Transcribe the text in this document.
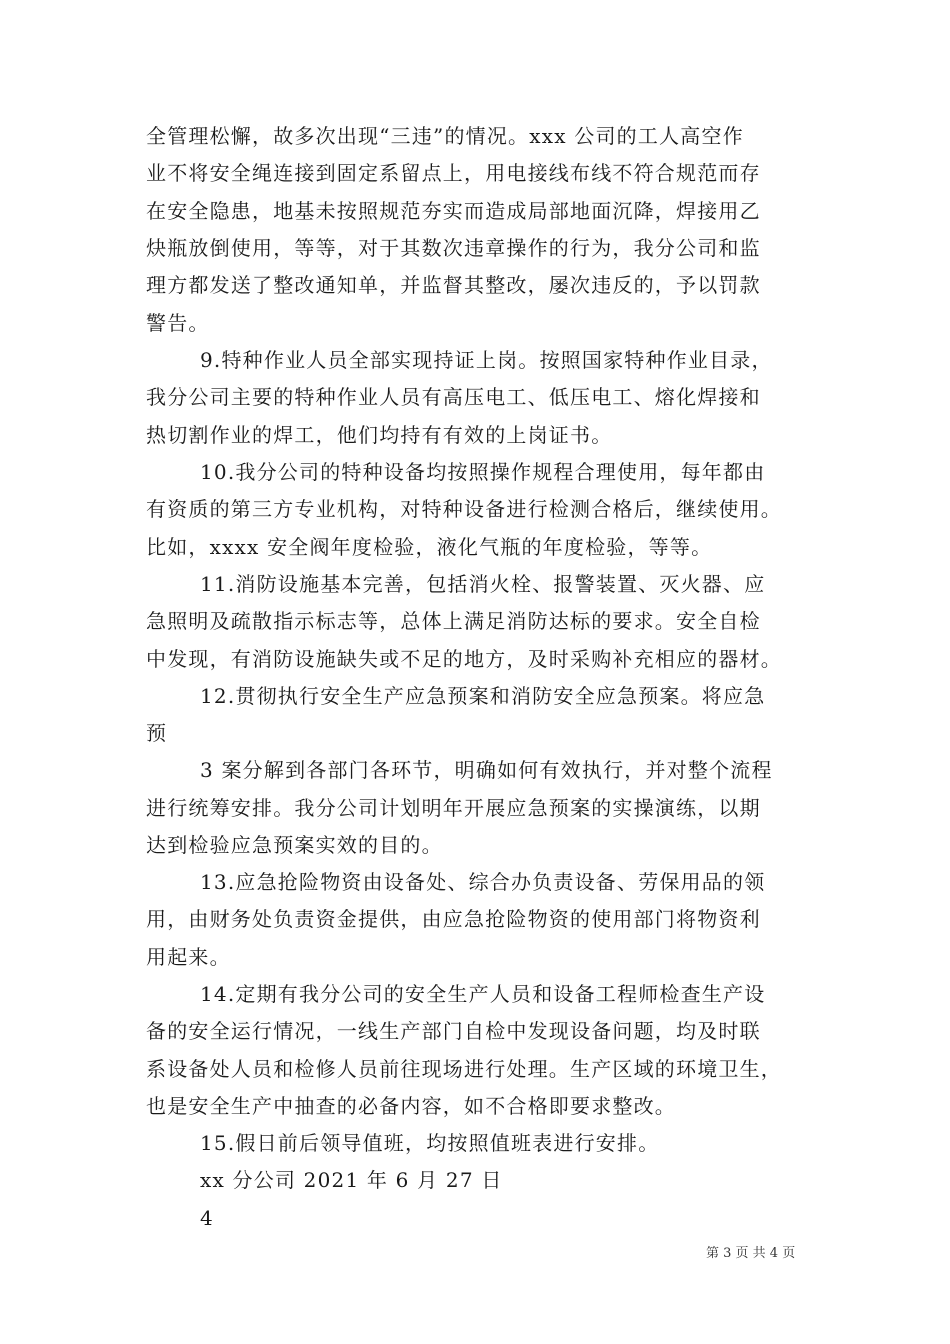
全管理松懈，故多次出现“三违”的情况。xxx 公司的工人高空作
业不将安全绳连接到固定系留点上，用电接线布线不符合规范而存
在安全隐患，地基未按照规范夯实而造成局部地面沉降，焊接用乙
炔瓶放倒使用，等等，对于其数次违章操作的行为，我分公司和监
理方都发送了整改通知单，并监督其整改，屡次违反的，予以罚款
警告。
9.特种作业人员全部实现持证上岗。按照国家特种作业目录，
我分公司主要的特种作业人员有高压电工、低压电工、熔化焊接和
热切割作业的焊工，他们均持有有效的上岗证书。
10.我分公司的特种设备均按照操作规程合理使用，每年都由
有资质的第三方专业机构，对特种设备进行检测合格后，继续使用。
比如，xxxx 安全阀年度检验，液化气瓶的年度检验，等等。
11.消防设施基本完善，包括消火栓、报警装置、灭火器、应
急照明及疏散指示标志等，总体上满足消防达标的要求。安全自检
中发现，有消防设施缺失或不足的地方，及时采购补充相应的器材。
12.贯彻执行安全生产应急预案和消防安全应急预案。将应急
预
3 案分解到各部门各环节，明确如何有效执行，并对整个流程
进行统筹安排。我分公司计划明年开展应急预案的实操演练，以期
达到检验应急预案实效的目的。
13.应急抢险物资由设备处、综合办负责设备、劳保用品的领
用，由财务处负责资金提供，由应急抢险物资的使用部门将物资利
用起来。
14.定期有我分公司的安全生产人员和设备工程师检查生产设
备的安全运行情况，一线生产部门自检中发现设备问题，均及时联
系设备处人员和检修人员前往现场进行处理。生产区域的环境卫生，
也是安全生产中抽查的必备内容，如不合格即要求整改。
15.假日前后领导值班，均按照值班表进行安排。
xx 分公司 2021 年 6 月 27 日
4
第 3 页 共 4 页
